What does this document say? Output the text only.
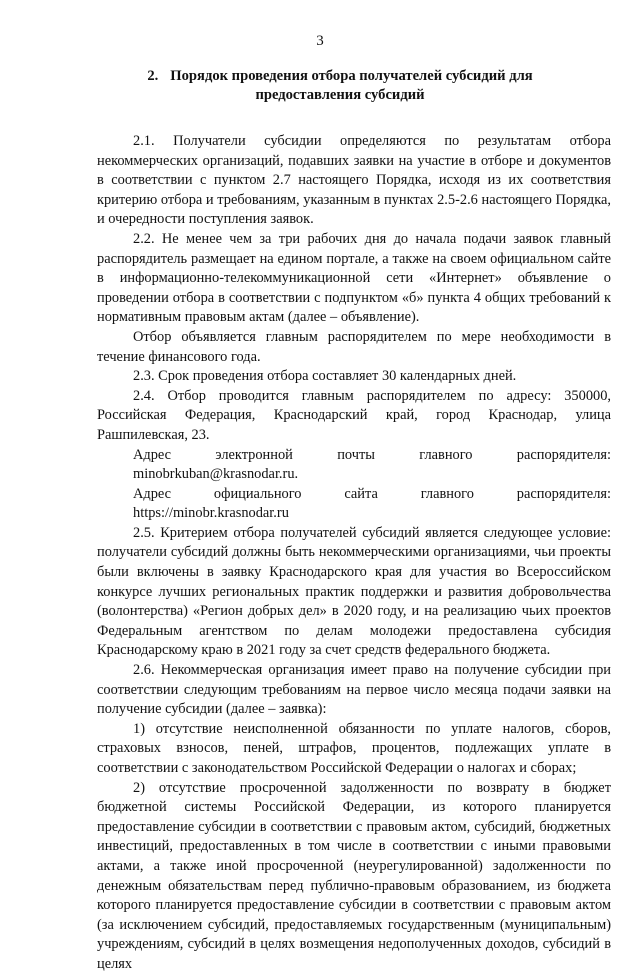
3
2. Порядок проведения отбора получателей субсидий для предоставления субсидий

2.1. Получатели субсидии определяются по результатам отбора некоммерческих организаций, подавших заявки на участие в отборе и документов в соответствии с пунктом 2.7 настоящего Порядка, исходя из их соответствия критерию отбора и требованиям, указанным в пунктах 2.5-2.6 настоящего Порядка, и очередности поступления заявок.

2.2. Не менее чем за три рабочих дня до начала подачи заявок главный распорядитель размещает на едином портале, а также на своем официальном сайте в информационно-телекоммуникационной сети «Интернет» объявление о проведении отбора в соответствии с подпунктом «б» пункта 4 общих требований к нормативным правовым актам (далее – объявление).

Отбор объявляется главным распорядителем по мере необходимости в течение финансового года.

2.3. Срок проведения отбора составляет 30 календарных дней.

2.4. Отбор проводится главным распорядителем по адресу: 350000, Российская Федерация, Краснодарский край, город Краснодар, улица Рашпилевская, 23.

Адрес электронной почты главного распорядителя:

minobrkuban@krasnodar.ru.

Адрес официального сайта главного распорядителя:

https://minobr.krasnodar.ru

2.5. Критерием отбора получателей субсидий является следующее условие: получатели субсидий должны быть некоммерческими организациями, чьи проекты были включены в заявку Краснодарского края для участия во Всероссийском конкурсе лучших региональных практик поддержки и развития добровольчества (волонтерства) «Регион добрых дел» в 2020 году, и на реализацию чьих проектов Федеральным агентством по делам молодежи предоставлена субсидия Краснодарскому краю в 2021 году за счет средств федерального бюджета.

2.6. Некоммерческая организация имеет право на получение субсидии при соответствии следующим требованиям на первое число месяца подачи заявки на получение субсидии (далее – заявка):

1) отсутствие неисполненной обязанности по уплате налогов, сборов, страховых взносов, пеней, штрафов, процентов, подлежащих уплате в соответствии с законодательством Российской Федерации о налогах и сборах;

2) отсутствие просроченной задолженности по возврату в бюджет бюджетной системы Российской Федерации, из которого планируется предоставление субсидии в соответствии с правовым актом, субсидий, бюджетных инвестиций, предоставленных в том числе в соответствии с иными правовыми актами, а также иной просроченной (неурегулированной) задолженности по денежным обязательствам перед публично-правовым образованием, из бюджета которого планируется предоставление субсидии в соответствии с правовым актом (за исключением субсидий, предоставляемых государственным (муниципальным) учреждениям, субсидий в целях возмещения недополученных доходов, субсидий в целях
